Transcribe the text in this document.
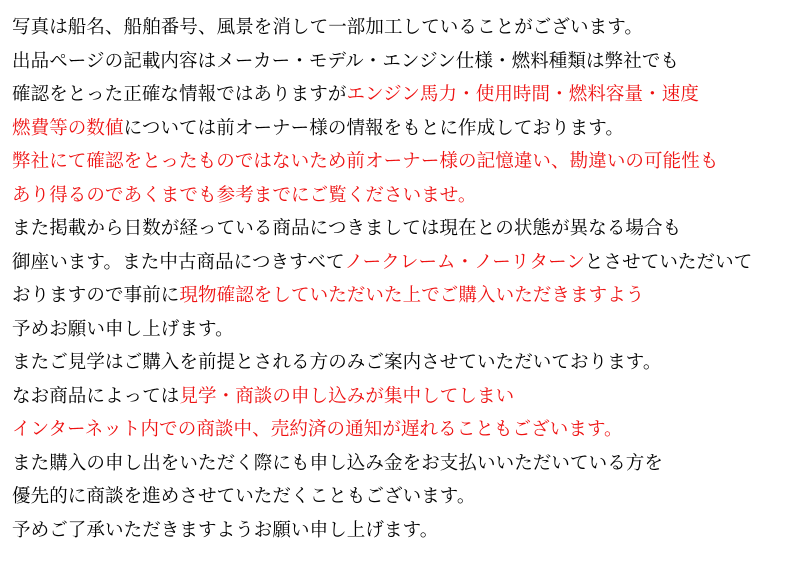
写真は船名、船舶番号、風景を消して一部加工していることがございます。
出品ページの記載内容はメーカー・モデル・エンジン仕様・燃料種類は弊社でも
確認をとった正確な情報ではありますがエンジン馬力・使用時間・燃料容量・速度
燃費等の数値については前オーナー様の情報をもとに作成しております。
弊社にて確認をとったものではないため前オーナー様の記憶違い、勘違いの可能性も
あり得るのであくまでも参考までにご覧くださいませ。
また掲載から日数が経っている商品につきましては現在との状態が異なる場合も
御座います。また中古商品につきすべてノークレーム・ノーリターンとさせていただいて
おりますので事前に現物確認をしていただいた上でご購入いただきますよう
予めお願い申し上げます。
またご見学はご購入を前提とされる方のみご案内させていただいております。
なお商品によっては見学・商談の申し込みが集中してしまい
インターネット内での商談中、売約済の通知が遅れることもございます。
また購入の申し出をいただく際にも申し込み金をお支払いいただいている方を
優先的に商談を進めさせていただくこともございます。
予めご了承いただきますようお願い申し上げます。
